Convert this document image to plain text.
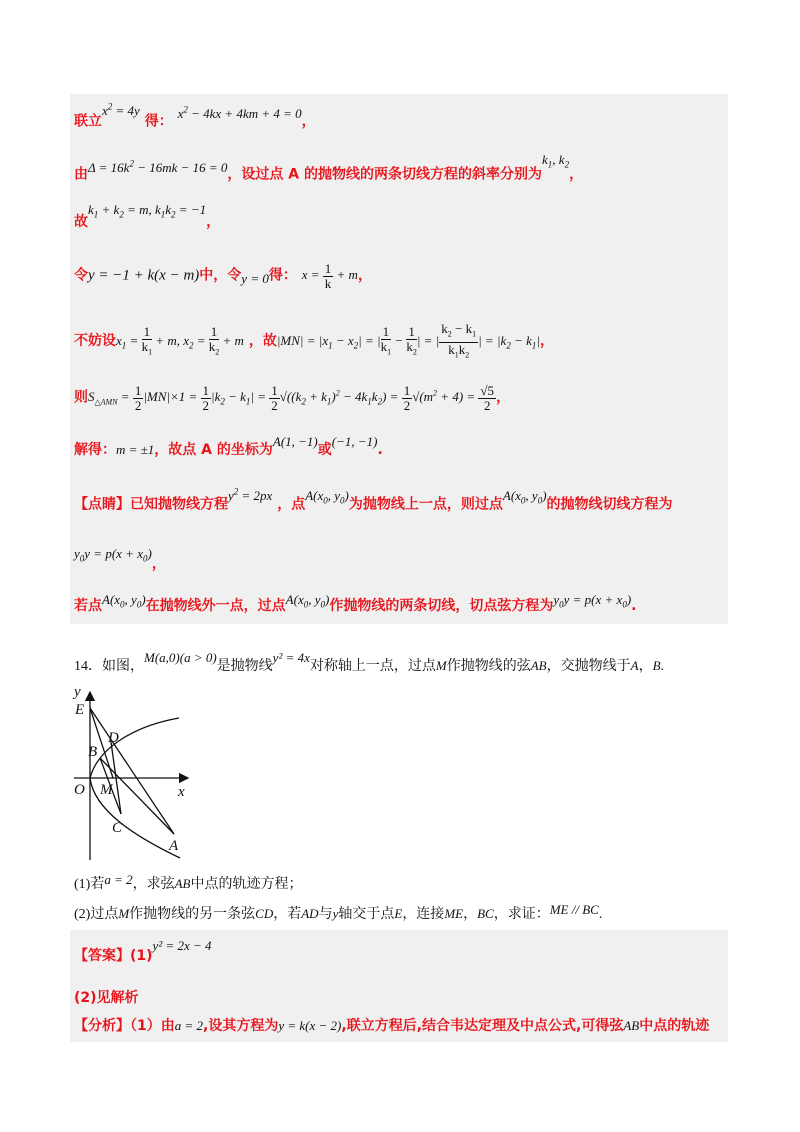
联立$x^2 = 4y$ 得： $x^2 - 4kx + 4km + 4 = 0$，
由$\Delta = 16k^2 - 16mk - 16 = 0$，设过点 A 的抛物线的两条切线方程的斜率分别为$k_1$, $k_2$，
故$k_1 + k_2 = m$, $k_1k_2 = -1$，
令y = −1 + k(x − m)中，令y = 0得： $x = \frac{1}{k} + m$，
不妨设$x_1 = \frac{1}{k_1} + m$, $x_2 = \frac{1}{k_2} + m$ ，故$|MN| = |x_1 - x_2|$ = | $\frac{1}{k_1} - \frac{1}{k_2}$ | = | $\frac{k_2 - k_1}{k_1k_2}$ | = $|k_2 - k_1|$，
则$S_{\triangle AMN} = \frac{1}{2} |MN|\times 1 = \frac{1}{2} |k_2 - k_1| = \frac{1}{2} √((k_2 + k_1)^2 - 4k_1k_2) = \frac{1}{2} √(m^2 + 4) = \frac{√5}{2}$ ，
解得：m = ±1，故点 A 的坐标为A(1, −1)或(−1, −1).
【点睛】已知抛物线方程$y^2 = 2px$ ，点$A(x_0$, $y_0$)为抛物线上一点，则过点$A(x_0$, $y_0$)的抛物线切线方程为
$y_0y = p(x + x_0)$，
若点$A(x_0$, $y_0$)在抛物线外一点，过点$A(x_0$, $y_0$)作抛物线的两条切线，切点弦方程为$y_0y = p(x + x_0)$.
14．如图，M(a,0)(a > 0)是抛物线y² = 4x对称轴上一点，过点M作抛物线的弦AB，交抛物线于A，B.
y
E
D
B
O M	x
C
A
(1)若a = 2，求弦AB中点的轨迹方程；
(2)过点M作抛物线的另一条弦CD，若AD与y轴交于点E，连接ME，BC，求证：ME // BC.
【答案】(1)y² = 2x − 4
(2)见解析
【分析】（1）由a = 2,设其方程为y = k(x − 2),联立方程后,结合韦达定理及中点公式,可得弦AB中点的轨迹
